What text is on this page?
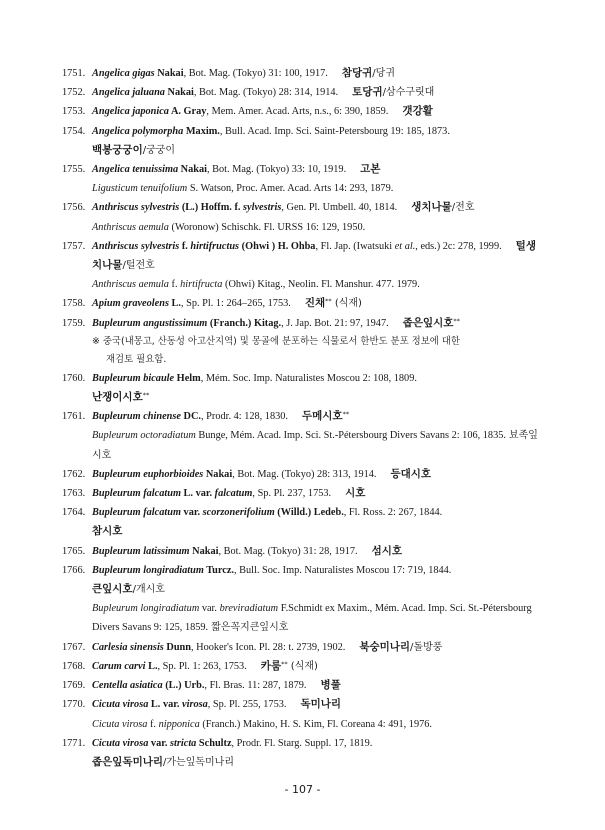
1751. Angelica gigas Nakai, Bot. Mag. (Tokyo) 31: 100, 1917. 참당귀/당귀
1752. Angelica jaluana Nakai, Bot. Mag. (Tokyo) 28: 314, 1914. 토당귀/삼수구릿대
1753. Angelica japonica A. Gray, Mem. Amer. Acad. Arts, n.s., 6: 390, 1859. 갯강활
1754. Angelica polymorpha Maxim., Bull. Acad. Imp. Sci. Saint-Petersbourg 19: 185, 1873.
백봉궁궁이/궁궁이
1755. Angelica tenuissima Nakai, Bot. Mag. (Tokyo) 33: 10, 1919. 고본
Ligusticum tenuifolium S. Watson, Proc. Amer. Acad. Arts 14: 293, 1879.
1756. Anthriscus sylvestris (L.) Hoffm. f. sylvestris, Gen. Pl. Umbell. 40, 1814. 생치나물/전호
Anthriscus aemula (Woronow) Schischk. Fl. URSS 16: 129, 1950.
1757. Anthriscus sylvestris f. hirtifructus (Ohwi ) H. Ohba, Fl. Jap. (Iwatsuki et al., eds.) 2c: 278, 1999. 털생치나물/털전호
Anthriscus aemula f. hirtifructa (Ohwi) Kitag., Neolin. Fl. Manshur. 477. 1979.
1758. Apium graveolens L., Sp. Pl. 1: 264–265, 1753. 진채** (식재)
1759. Bupleurum angustissimum (Franch.) Kitag., J. Jap. Bot. 21: 97, 1947. 좁은잎시호**
※ 중국(내몽고, 산동성 아고산지역) 및 몽골에 분포하는 식물로서 한반도 분포 정보에 대한
재검토 필요함.
1760. Bupleurum bicaule Helm, Mém. Soc. Imp. Naturalistes Moscou 2: 108, 1809.
난쟁이시호**
1761. Bupleurum chinense DC., Prodr. 4: 128, 1830. 두메시호**
Bupleurum octoradiatum Bunge, Mém. Acad. Imp. Sci. St.-Pétersbourg Divers Savans 2: 106, 1835. 뵤족잎시호
1762. Bupleurum euphorbioides Nakai, Bot. Mag. (Tokyo) 28: 313, 1914. 등대시호
1763. Bupleurum falcatum L. var. falcatum, Sp. Pl. 237, 1753. 시호
1764. Bupleurum falcatum var. scorzonerifolium (Willd.) Ledeb., Fl. Ross. 2: 267, 1844.
참시호
1765. Bupleurum latissimum Nakai, Bot. Mag. (Tokyo) 31: 28, 1917. 섬시호
1766. Bupleurum longiradiatum Turcz., Bull. Soc. Imp. Naturalistes Moscou 17: 719, 1844.
큰잎시호/개시호
Bupleurum longiradiatum var. breviradiatum F.Schmidt ex Maxim., Mém. Acad. Imp. Sci. St.-Pétersbourg Divers Savans 9: 125, 1859. 짧은꼭지큰잎시호
1767. Carlesia sinensis Dunn, Hooker's Icon. Pl. 28: t. 2739, 1902. 북숭미나리/돌방풍
1768. Carum carvi L., Sp. Pl. 1: 263, 1753. 카룸** (식재)
1769. Centella asiatica (L.) Urb., Fl. Bras. 11: 287, 1879. 병풀
1770. Cicuta virosa L. var. virosa, Sp. Pl. 255, 1753. 독미나리
Cicuta virosa f. nipponica (Franch.) Makino, H. S. Kim, Fl. Coreana 4: 491, 1976.
1771. Cicuta virosa var. stricta Schultz, Prodr. Fl. Starg. Suppl. 17, 1819.
좁은잎독미나리/가는잎독미나리
- 107 -
